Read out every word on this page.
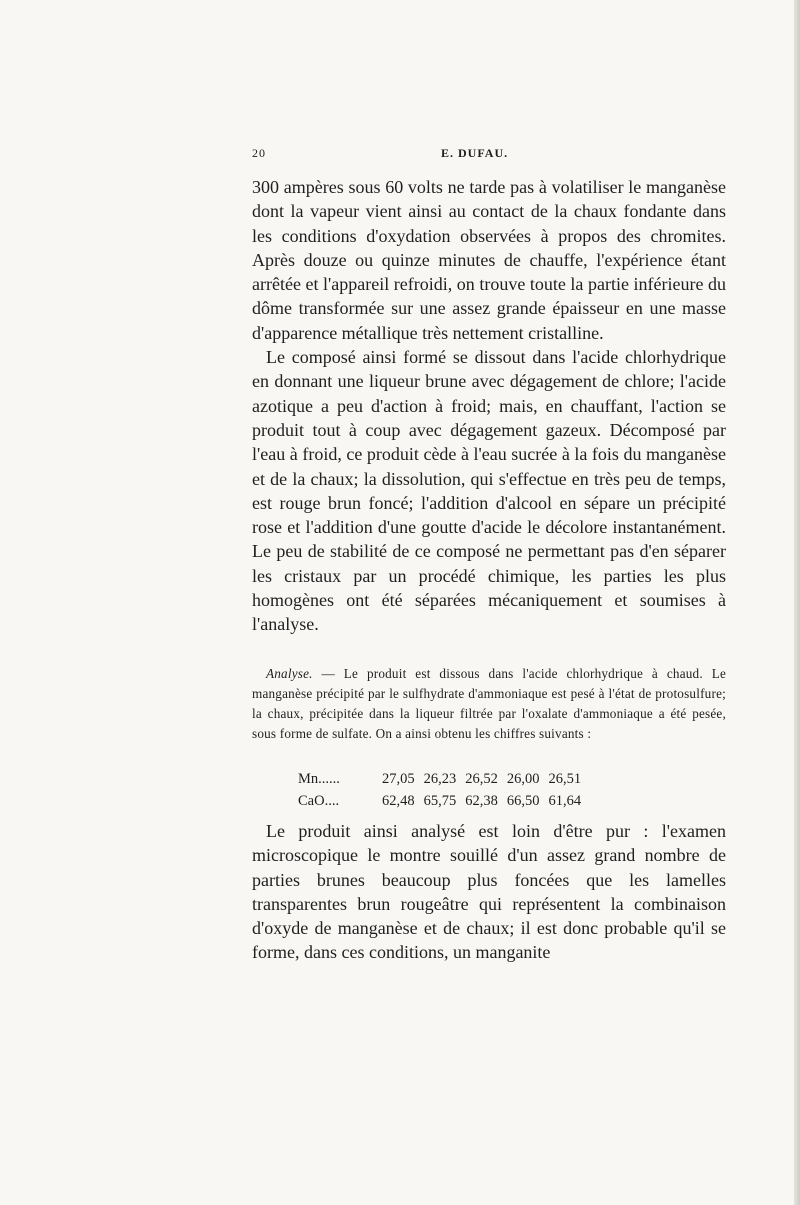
20	E. DUFAU.

300 ampères sous 60 volts ne tarde pas à volatiliser le manganèse dont la vapeur vient ainsi au contact de la chaux fondante dans les conditions d'oxydation observées à propos des chromites. Après douze ou quinze minutes de chauffe, l'expérience étant arrêtée et l'appareil refroidi, on trouve toute la partie inférieure du dôme transformée sur une assez grande épaisseur en une masse d'apparence métallique très nettement cristalline.

Le composé ainsi formé se dissout dans l'acide chlorhydrique en donnant une liqueur brune avec dégagement de chlore; l'acide azotique a peu d'action à froid; mais, en chauffant, l'action se produit tout à coup avec dégagement gazeux. Décomposé par l'eau à froid, ce produit cède à l'eau sucrée à la fois du manganèse et de la chaux; la dissolution, qui s'effectue en très peu de temps, est rouge brun foncé; l'addition d'alcool en sépare un précipité rose et l'addition d'une goutte d'acide le décolore instantanément. Le peu de stabilité de ce composé ne permettant pas d'en séparer les cristaux par un procédé chimique, les parties les plus homogènes ont été séparées mécaniquement et soumises à l'analyse.

Analyse. — Le produit est dissous dans l'acide chlorhydrique à chaud. Le manganèse précipité par le sulfhydrate d'ammoniaque est pesé à l'état de protosulfure; la chaux, précipitée dans la liqueur filtrée par l'oxalate d'ammoniaque a été pesée, sous forme de sulfate. On a ainsi obtenu les chiffres suivants :

Mn......	27,05	26,23	26,52	26,00	26,51
CaO....	62,48	65,75	62,38	66,50	61,64

Le produit ainsi analysé est loin d'être pur : l'examen microscopique le montre souillé d'un assez grand nombre de parties brunes beaucoup plus foncées que les lamelles transparentes brun rougeâtre qui représentent la combinaison d'oxyde de manganèse et de chaux; il est donc probable qu'il se forme, dans ces conditions, un manganite
